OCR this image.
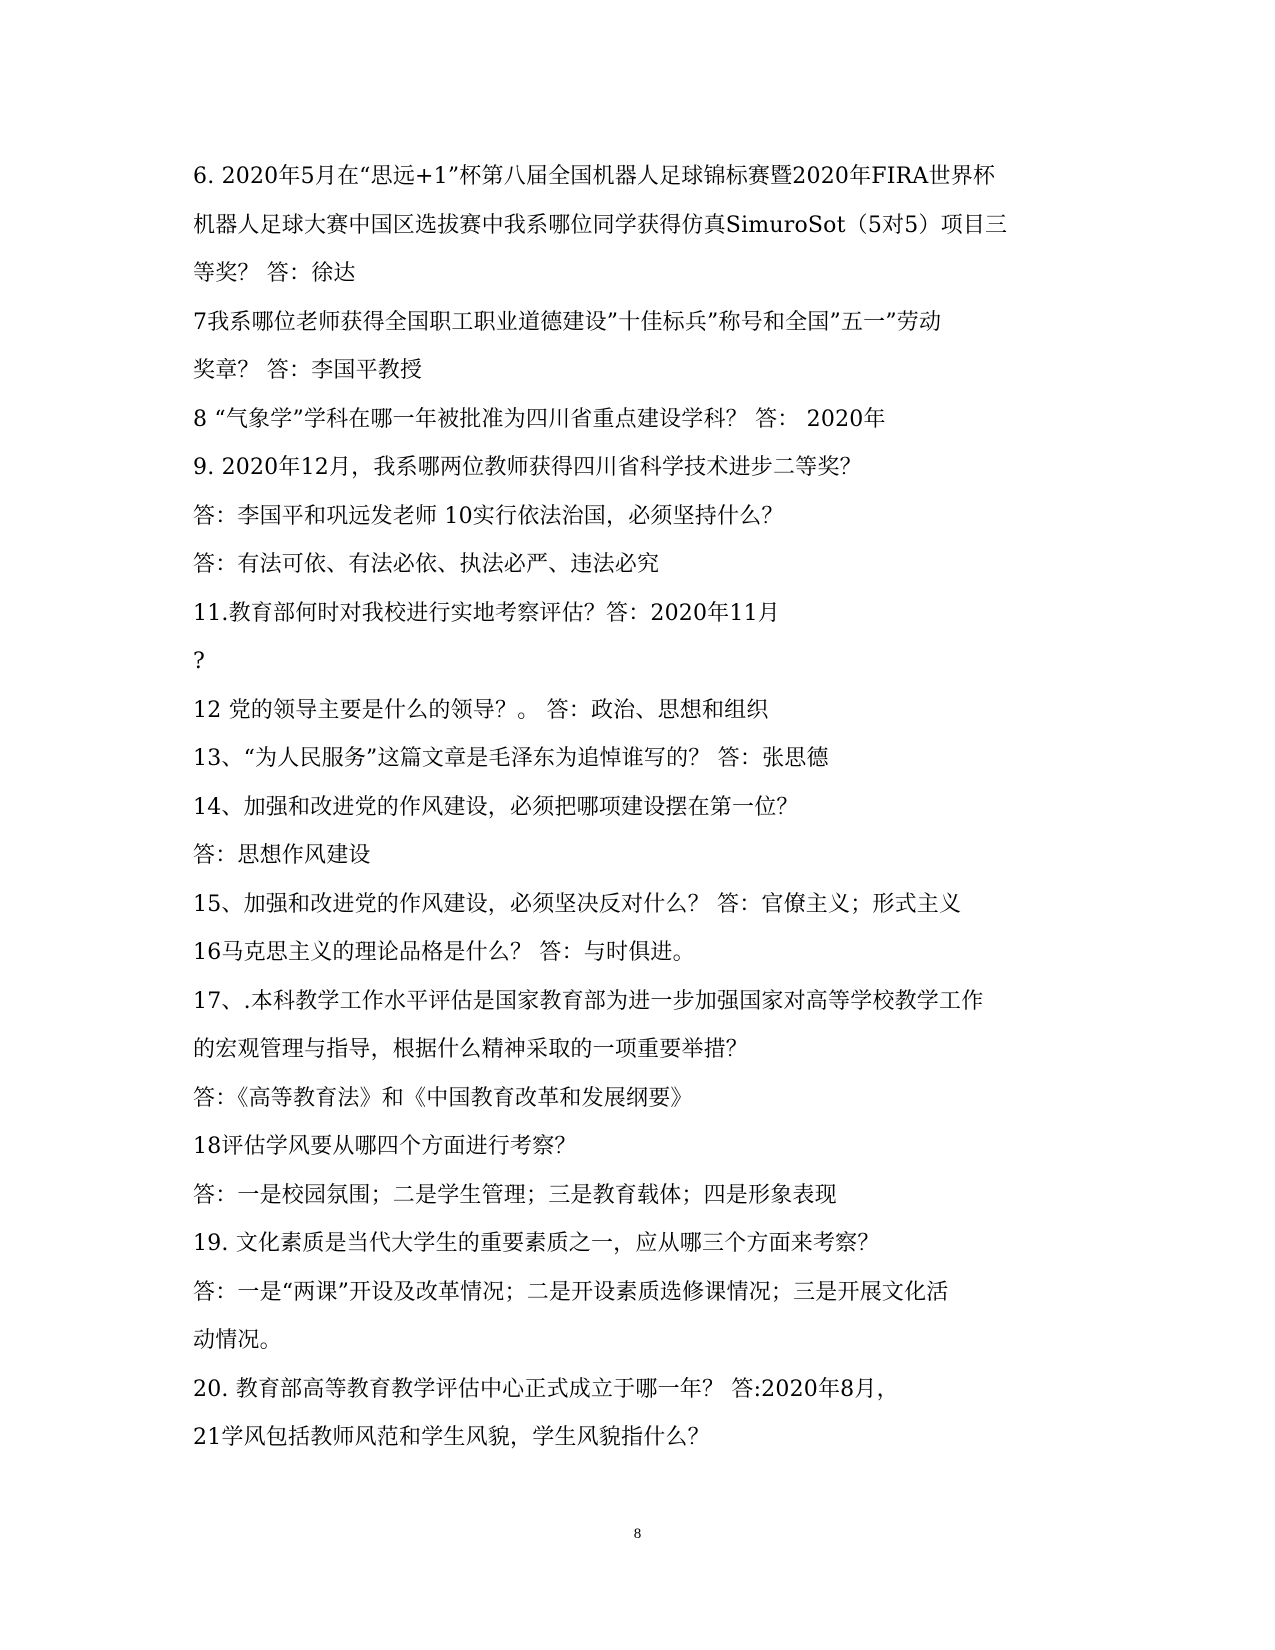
6. 2020年5月在“思远+1”杯第八届全国机器人足球锦标赛暨2020年FIRA世界杯
机器人足球大赛中国区选拔赛中我系哪位同学获得仿真SimuroSot（5对5）项目三
等奖？ 答：徐达
7我系哪位老师获得全国职工职业道德建设”十佳标兵”称号和全国”五一”劳动
奖章？ 答：李国平教授
8 “气象学”学科在哪一年被批准为四川省重点建设学科？ 答： 2020年
9. 2020年12月，我系哪两位教师获得四川省科学技术进步二等奖？
答：李国平和巩远发老师 10实行依法治国，必须坚持什么？
答：有法可依、有法必依、执法必严、违法必究
11.教育部何时对我校进行实地考察评估？答：2020年11月
?
12 党的领导主要是什么的领导？。 答：政治、思想和组织
13、“为人民服务”这篇文章是毛泽东为追悼谁写的？ 答：张思德
14、加强和改进党的作风建设，必须把哪项建设摆在第一位？
答：思想作风建设
15、加强和改进党的作风建设，必须坚决反对什么？ 答：官僚主义；形式主义
16马克思主义的理论品格是什么？ 答：与时俱进。
17、.本科教学工作水平评估是国家教育部为进一步加强国家对高等学校教学工作
的宏观管理与指导，根据什么精神采取的一项重要举措？
答：《高等教育法》和《中国教育改革和发展纲要》
18评估学风要从哪四个方面进行考察？
答：一是校园氛围；二是学生管理；三是教育载体；四是形象表现
19. 文化素质是当代大学生的重要素质之一，应从哪三个方面来考察？
答：一是“两课”开设及改革情况；二是开设素质选修课情况；三是开展文化活
动情况。
20. 教育部高等教育教学评估中心正式成立于哪一年？ 答:2020年8月，
21学风包括教师风范和学生风貌，学生风貌指什么？
8
